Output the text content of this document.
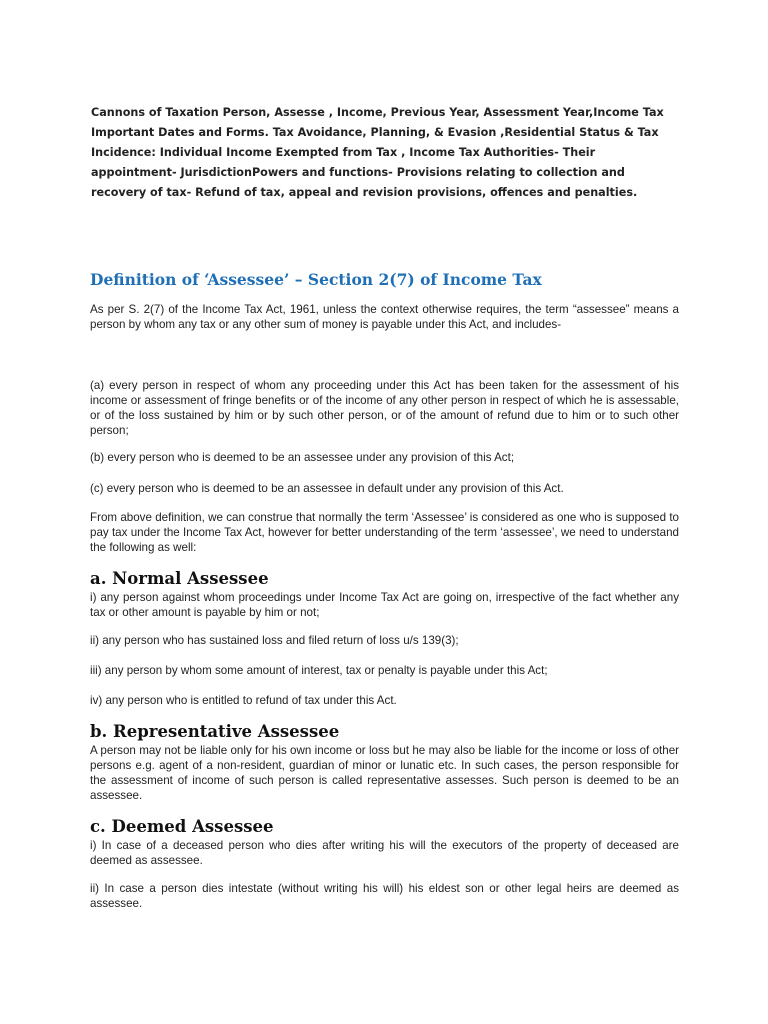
Cannons of Taxation Person, Assesse , Income, Previous Year, Assessment Year,Income Tax Important Dates and Forms. Tax Avoidance, Planning, & Evasion ,Residential Status & Tax Incidence: Individual Income Exempted from Tax , Income Tax Authorities- Their appointment- JurisdictionPowers and functions- Provisions relating to collection and recovery of tax- Refund of tax, appeal and revision provisions, offences and penalties.

Definition of ‘Assessee’ – Section 2(7) of Income Tax

As per S. 2(7) of the Income Tax Act, 1961, unless the context otherwise requires, the term “assessee” means a person by whom any tax or any other sum of money is payable under this Act, and includes-

(a) every person in respect of whom any proceeding under this Act has been taken for the assessment of his income or assessment of fringe benefits or of the income of any other person in respect of which he is assessable, or of the loss sustained by him or by such other person, or of the amount of refund due to him or to such other person;

(b) every person who is deemed to be an assessee under any provision of this Act;

(c) every person who is deemed to be an assessee in default under any provision of this Act.

From above definition, we can construe that normally the term ‘Assessee’ is considered as one who is supposed to pay tax under the Income Tax Act, however for better understanding of the term ‘assessee’, we need to understand the following as well:

a. Normal Assessee

i) any person against whom proceedings under Income Tax Act are going on, irrespective of the fact whether any tax or other amount is payable by him or not;

ii) any person who has sustained loss and filed return of loss u/s 139(3);

iii) any person by whom some amount of interest, tax or penalty is payable under this Act;

iv) any person who is entitled to refund of tax under this Act.

b. Representative Assessee

A person may not be liable only for his own income or loss but he may also be liable for the income or loss of other persons e.g. agent of a non-resident, guardian of minor or lunatic etc. In such cases, the person responsible for the assessment of income of such person is called representative assesses. Such person is deemed to be an assessee.

c. Deemed Assessee

i) In case of a deceased person who dies after writing his will the executors of the property of deceased are deemed as assessee.

ii) In case a person dies intestate (without writing his will) his eldest son or other legal heirs are deemed as assessee.
